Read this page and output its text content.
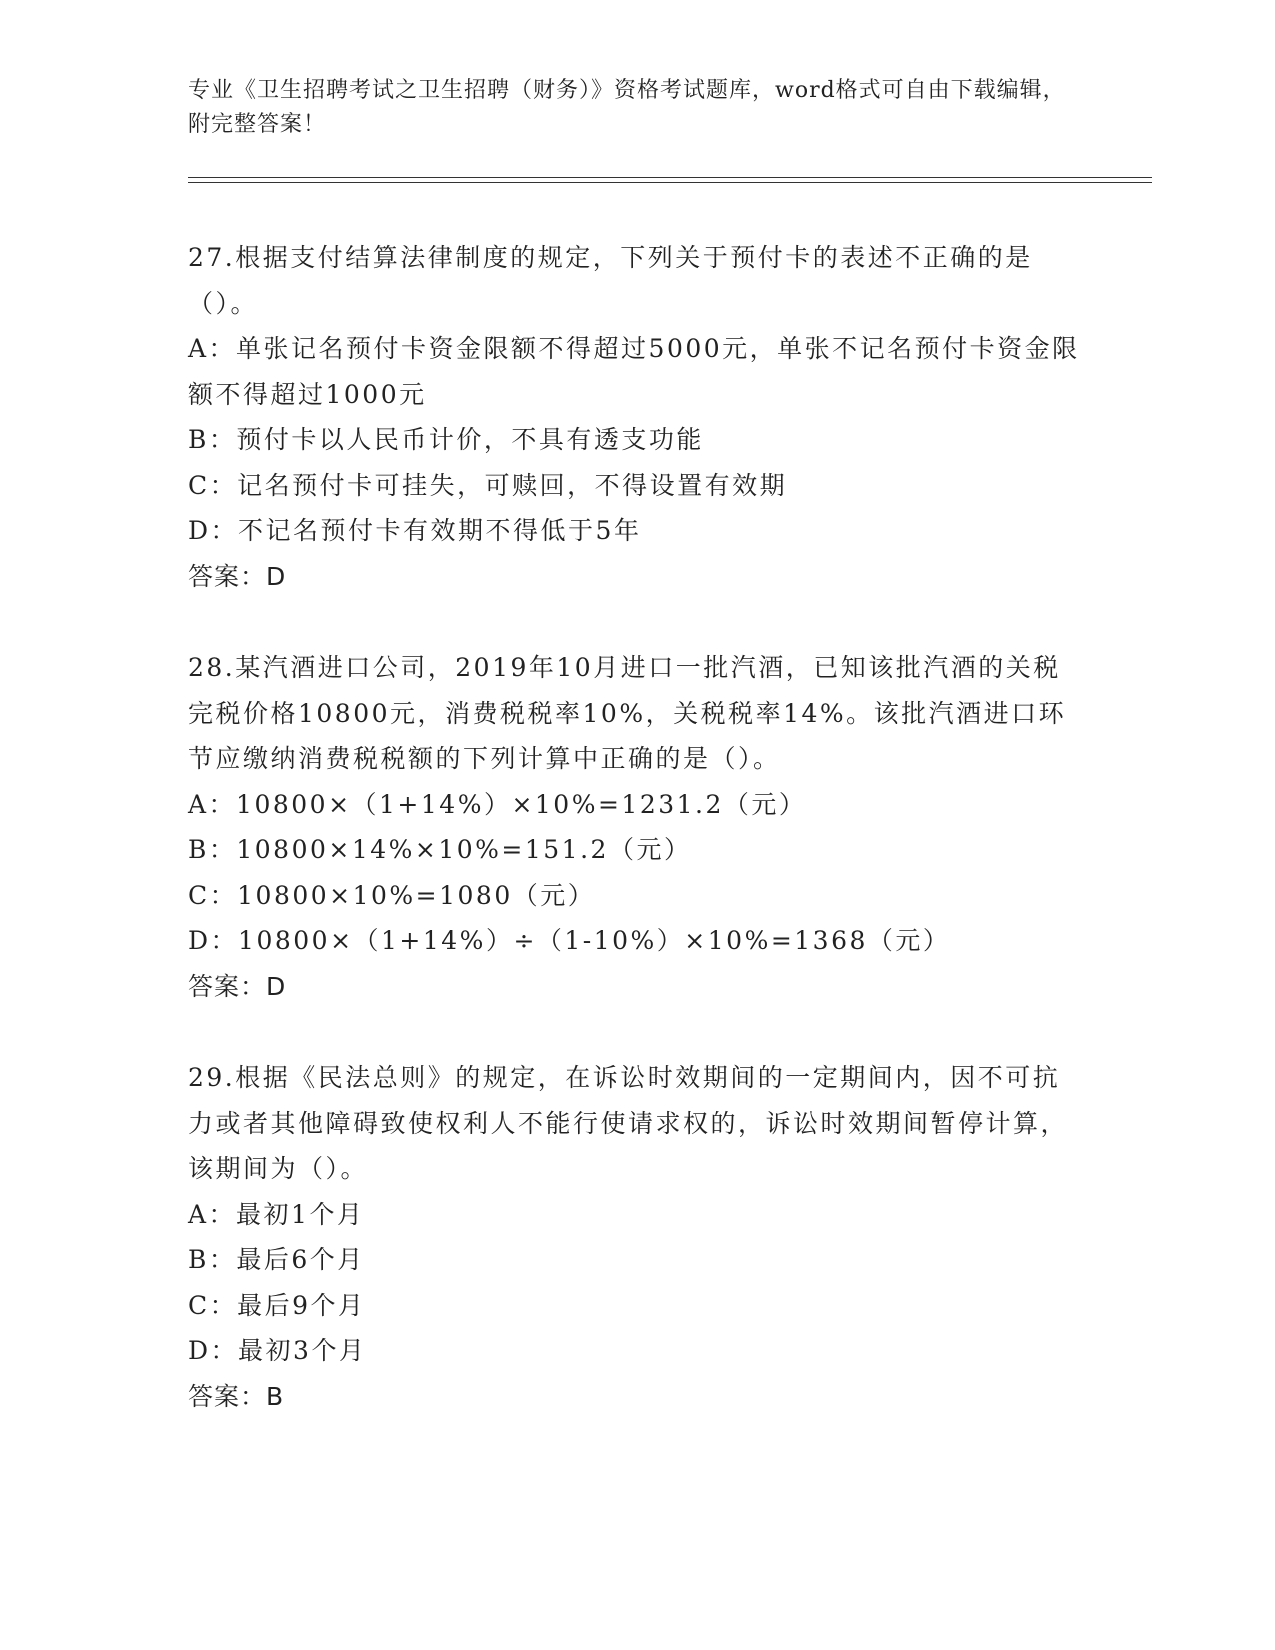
专业《卫生招聘考试之卫生招聘（财务）》资格考试题库，word格式可自由下载编辑，附完整答案！
27.根据支付结算法律制度的规定，下列关于预付卡的表述不正确的是（）。
A：单张记名预付卡资金限额不得超过5000元，单张不记名预付卡资金限额不得超过1000元
B：预付卡以人民币计价，不具有透支功能
C：记名预付卡可挂失，可赎回，不得设置有效期
D：不记名预付卡有效期不得低于5年
答案：D
28.某汽酒进口公司，2019年10月进口一批汽酒，已知该批汽酒的关税完税价格10800元，消费税税率10%，关税税率14%。该批汽酒进口环节应缴纳消费税税额的下列计算中正确的是（）。
A：10800×（1+14%）×10%=1231.2（元）
B：10800×14%×10%=151.2（元）
C：10800×10%=1080（元）
D：10800×（1+14%）÷（1-10%）×10%=1368（元）
答案：D
29.根据《民法总则》的规定，在诉讼时效期间的一定期间内，因不可抗力或者其他障碍致使权利人不能行使请求权的，诉讼时效期间暂停计算，该期间为（）。
A：最初1个月
B：最后6个月
C：最后9个月
D：最初3个月
答案：B
